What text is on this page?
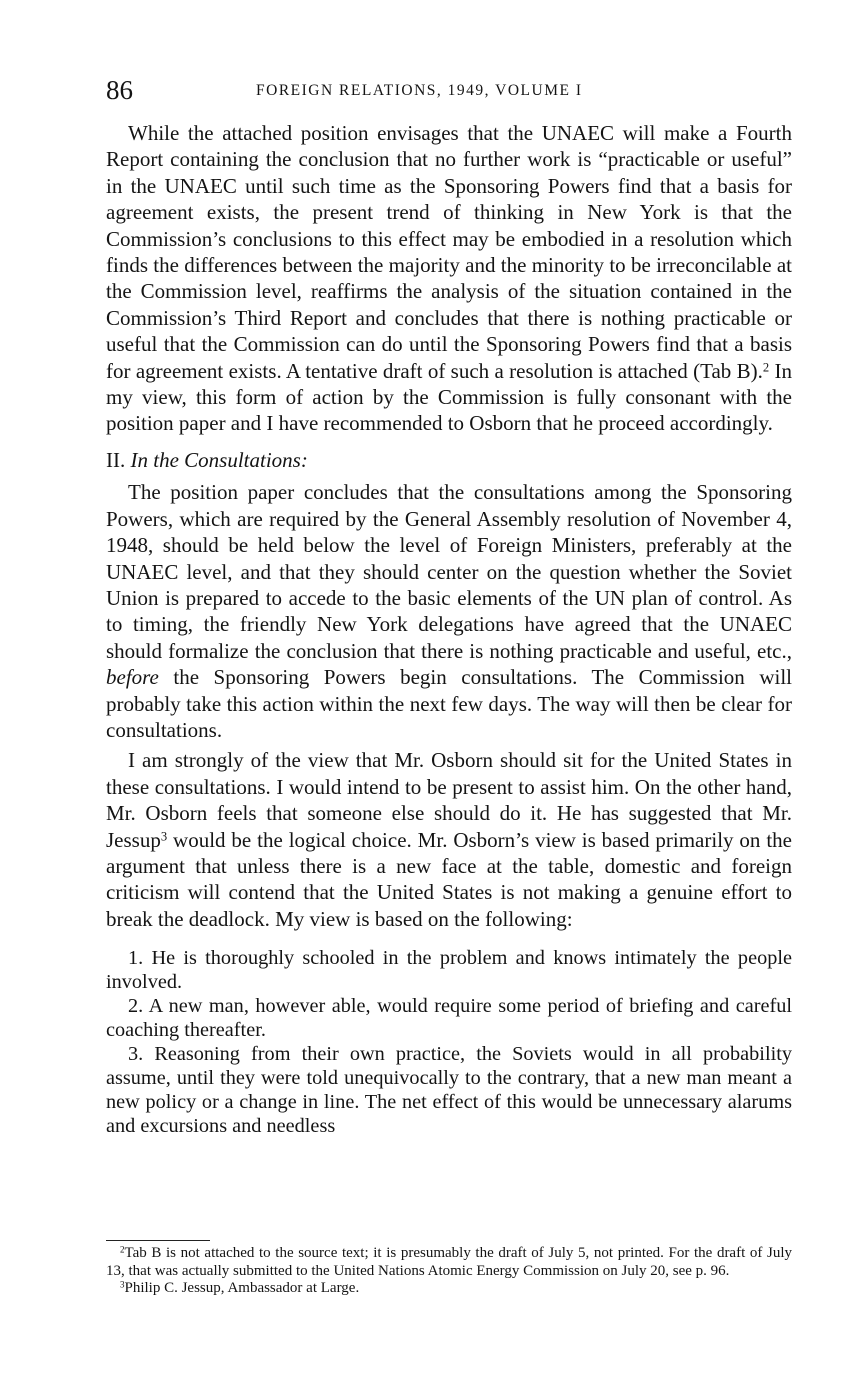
86	FOREIGN RELATIONS, 1949, VOLUME I

While the attached position envisages that the UNAEC will make a Fourth Report containing the conclusion that no further work is “practicable or useful” in the UNAEC until such time as the Sponsoring Powers find that a basis for agreement exists, the present trend of thinking in New York is that the Commission’s conclusions to this effect may be embodied in a resolution which finds the differences between the majority and the minority to be irreconcilable at the Commission level, reaffirms the analysis of the situation contained in the Commission’s Third Report and concludes that there is nothing practicable or useful that the Commission can do until the Sponsoring Powers find that a basis for agreement exists. A tentative draft of such a resolution is attached (Tab B).$^2$ In my view, this form of action by the Commission is fully consonant with the position paper and I have recommended to Osborn that he proceed accordingly.

II. In the Consultations:

The position paper concludes that the consultations among the Sponsoring Powers, which are required by the General Assembly resolution of November 4, 1948, should be held below the level of Foreign Ministers, preferably at the UNAEC level, and that they should center on the question whether the Soviet Union is prepared to accede to the basic elements of the UN plan of control. As to timing, the friendly New York delegations have agreed that the UNAEC should formalize the conclusion that there is nothing practicable and useful, etc., before the Sponsoring Powers begin consultations. The Commission will probably take this action within the next few days. The way will then be clear for consultations.

I am strongly of the view that Mr. Osborn should sit for the United States in these consultations. I would intend to be present to assist him. On the other hand, Mr. Osborn feels that someone else should do it. He has suggested that Mr. Jessup$^3$ would be the logical choice. Mr. Osborn’s view is based primarily on the argument that unless there is a new face at the table, domestic and foreign criticism will contend that the United States is not making a genuine effort to break the deadlock. My view is based on the following:

1. He is thoroughly schooled in the problem and knows intimately the people involved.

2. A new man, however able, would require some period of briefing and careful coaching thereafter.

3. Reasoning from their own practice, the Soviets would in all probability assume, until they were told unequivocally to the contrary, that a new man meant a new policy or a change in line. The net effect of this would be unnecessary alarums and excursions and needless

$^2$Tab B is not attached to the source text; it is presumably the draft of July 5, not printed. For the draft of July 13, that was actually submitted to the United Nations Atomic Energy Commission on July 20, see p. 96.

$^3$Philip C. Jessup, Ambassador at Large.
